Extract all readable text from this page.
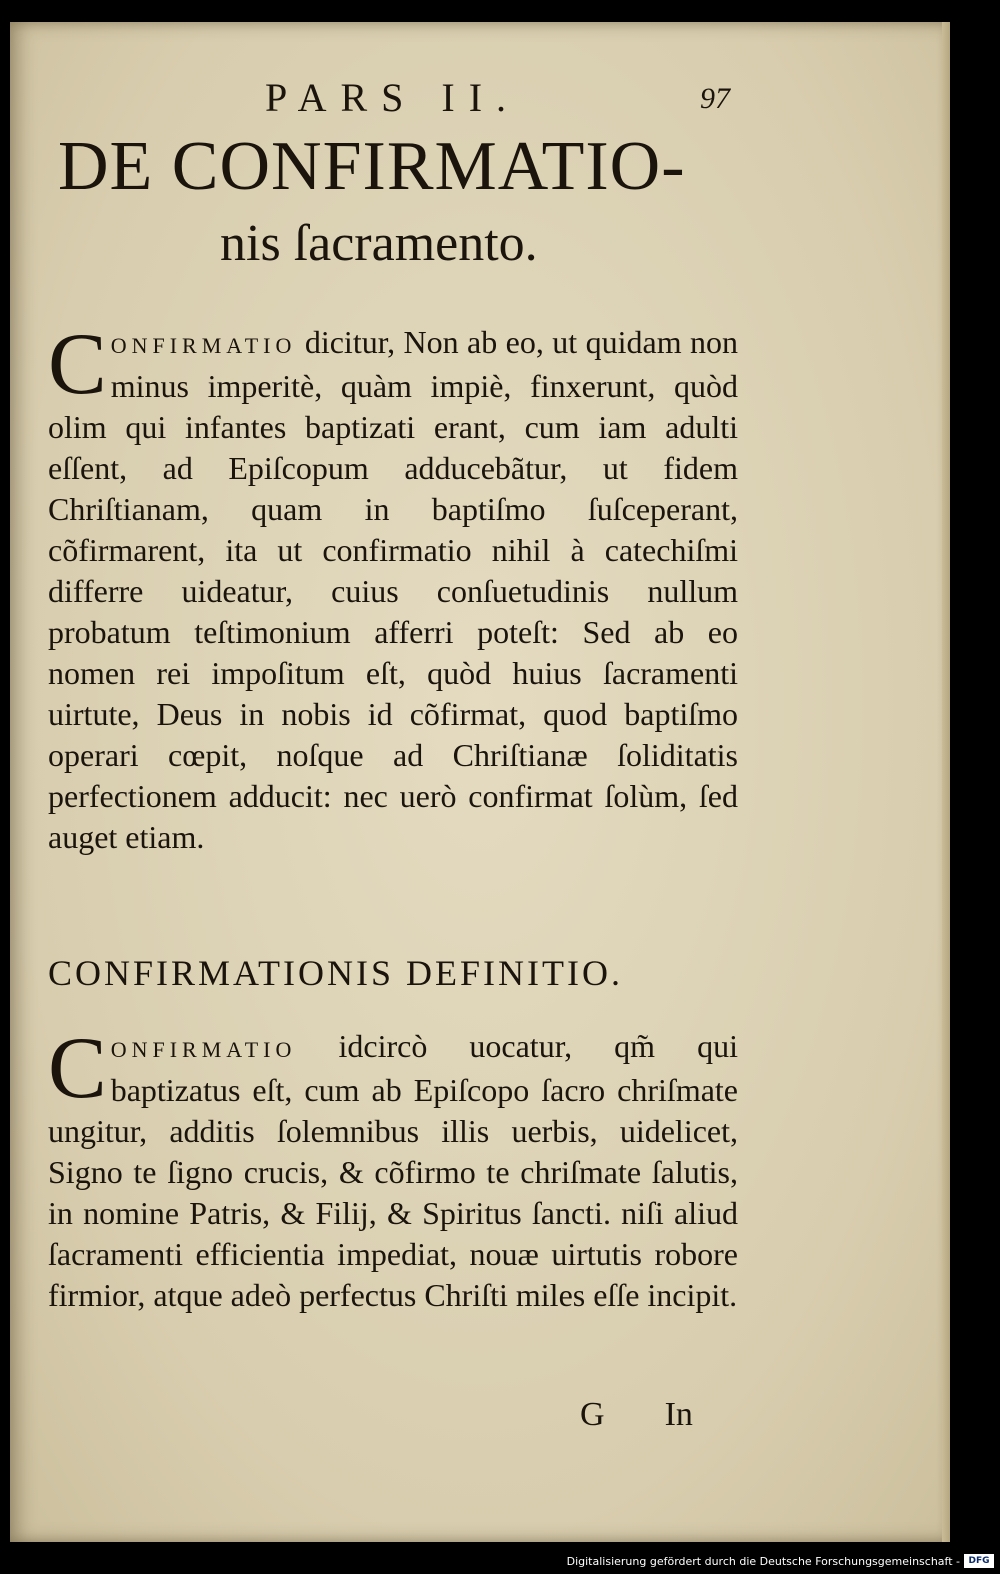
PARS II.	97
DE CONFIRMATIO-
nis ſacramento.
CONFIRMATIO dicitur, Non ab eo, ut quidam non minus imperitè, quàm impiè, finxerunt, quòd olim qui infantes baptizati erant, cum iam adulti eſſent, ad Epiſcopum adducebãtur, ut fidem Chriſtianam, quam in baptiſmo ſuſceperant, cõfirmarent, ita ut confirmatio nihil à catechiſmi differre uideatur, cuius conſuetudinis nullum probatum teſtimonium afferri poteſt: Sed ab eo nomen rei impoſitum eſt, quòd huius ſacramenti uirtute, Deus in nobis id cõfirmat, quod baptiſmo operari cœpit, noſque ad Chriſtianæ ſoliditatis perfectionem adducit: nec uerò confirmat ſolùm, ſed auget etiam.
CONFIRMATIONIS DEFINITIO.
CONFIRMATIO idcircò uocatur, qm̃ qui baptizatus eſt, cum ab Epiſcopo ſacro chriſmate ungitur, additis ſolemnibus illis uerbis, uidelicet, Signo te ſigno crucis, & cõfirmo te chriſmate ſalutis, in nomine Patris, & Filij, & Spiritus ſancti. niſi aliud ſacramenti efficientia impediat, nouæ uirtutis robore firmior, atque adeò perfectus Chriſti miles eſſe incipit.
G In
Digitalisierung gefördert durch die Deutsche Forschungsgemeinschaft - DFG
